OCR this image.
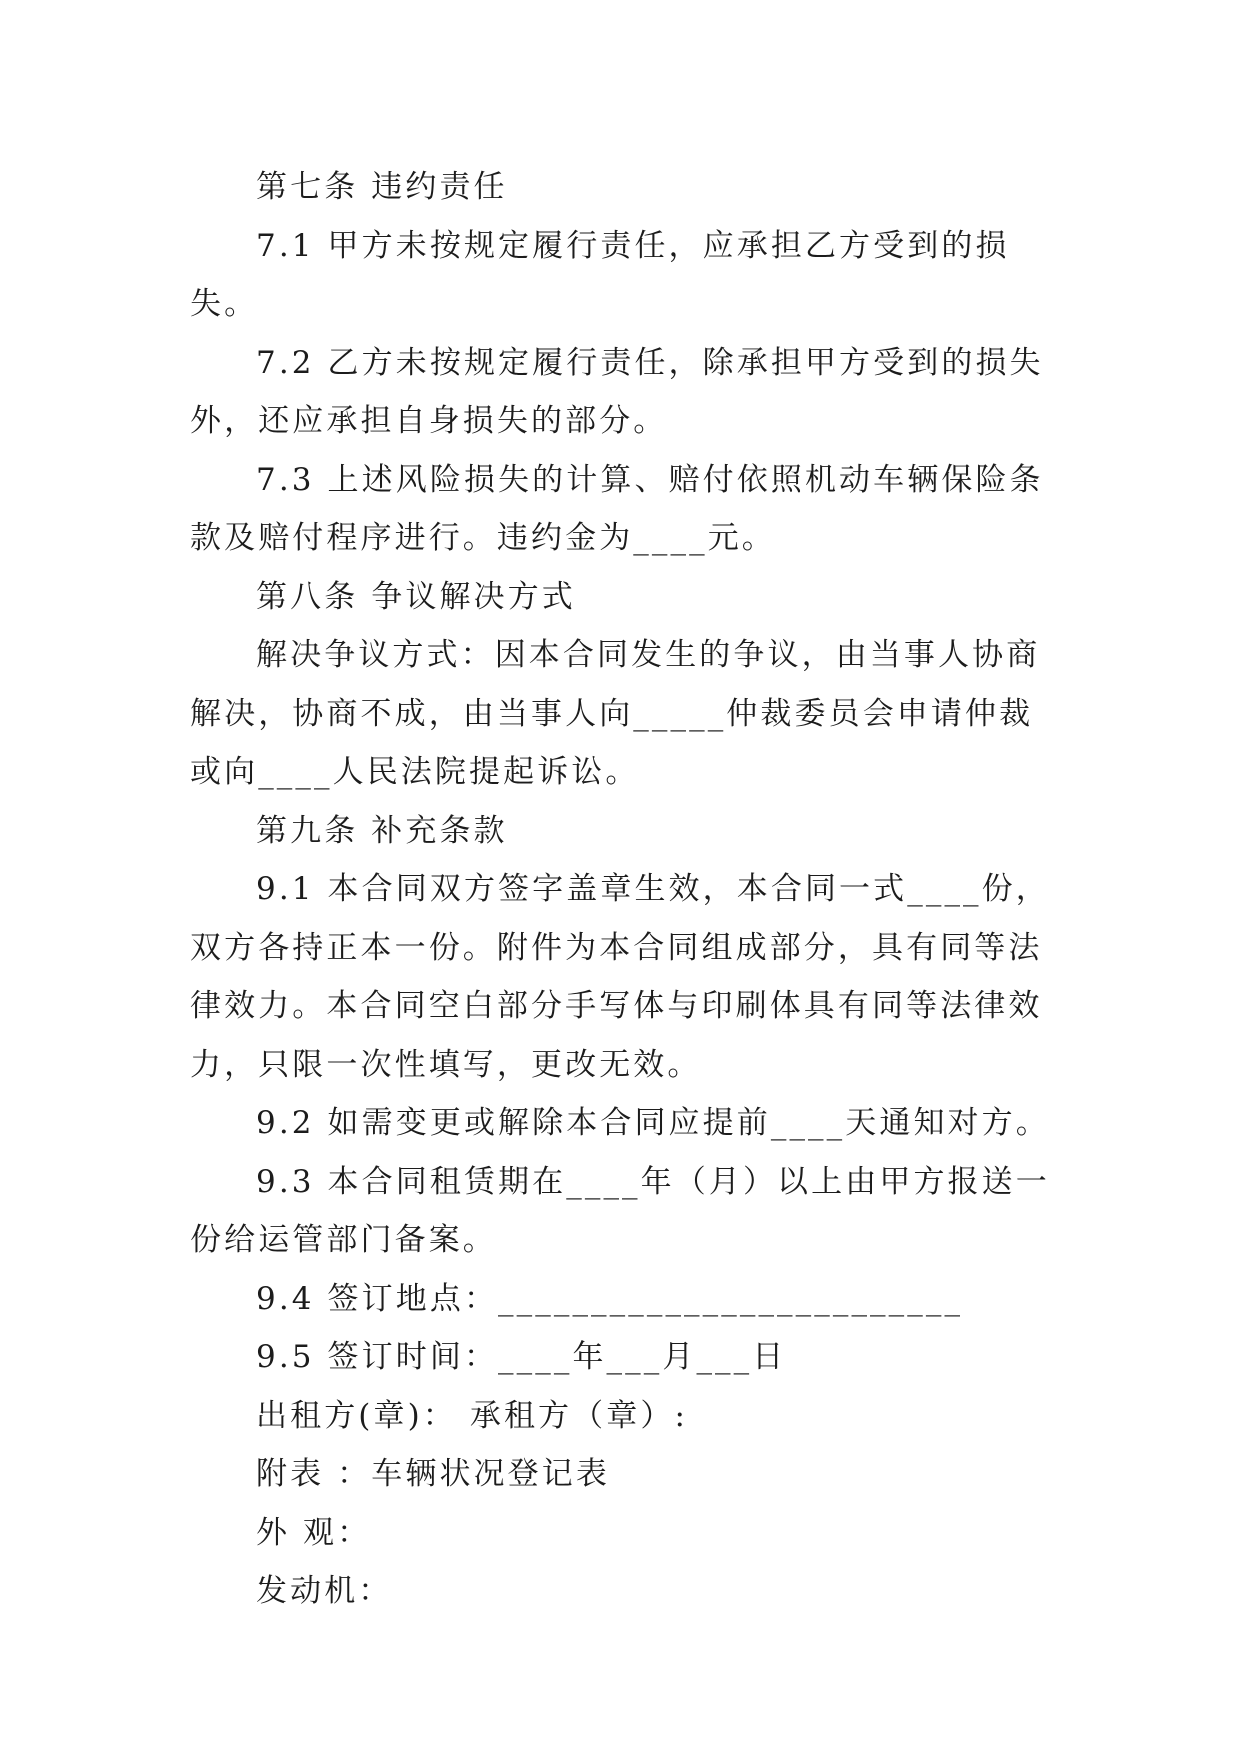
第七条 违约责任

7.1 甲方未按规定履行责任，应承担乙方受到的损失。

7.2 乙方未按规定履行责任，除承担甲方受到的损失外，还应承担自身损失的部分。

7.3 上述风险损失的计算、赔付依照机动车辆保险条款及赔付程序进行。违约金为____元。

第八条 争议解决方式

解决争议方式：因本合同发生的争议，由当事人协商解决，协商不成，由当事人向_____仲裁委员会申请仲裁或向____人民法院提起诉讼。

第九条 补充条款

9.1 本合同双方签字盖章生效，本合同一式____份，双方各持正本一份。附件为本合同组成部分，具有同等法律效力。本合同空白部分手写体与印刷体具有同等法律效力，只限一次性填写，更改无效。

9.2 如需变更或解除本合同应提前____天通知对方。

9.3 本合同租赁期在____年（月）以上由甲方报送一份给运管部门备案。

9.4 签订地点：_________________________

9.5 签订时间：____年___月___日

出租方(章)： 承租方（章）:

附表 ：车辆状况登记表

外 观：

发动机：
